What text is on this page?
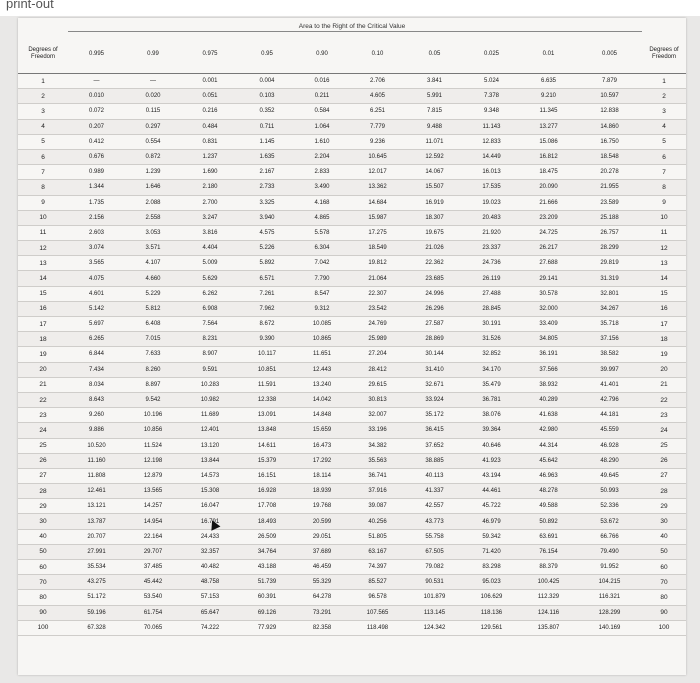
print-out
Area to the Right of the Critical Value
Degrees of Freedom	0.995	0.99	0.975	0.95	0.90	0.10	0.05	0.025	0.01	0.005	Degrees of Freedom
1	—	—	0.001	0.004	0.016	2.706	3.841	5.024	6.635	7.879	1
2	0.010	0.020	0.051	0.103	0.211	4.605	5.991	7.378	9.210	10.597	2
3	0.072	0.115	0.216	0.352	0.584	6.251	7.815	9.348	11.345	12.838	3
4	0.207	0.297	0.484	0.711	1.064	7.779	9.488	11.143	13.277	14.860	4
5	0.412	0.554	0.831	1.145	1.610	9.236	11.071	12.833	15.086	16.750	5
6	0.676	0.872	1.237	1.635	2.204	10.645	12.592	14.449	16.812	18.548	6
7	0.989	1.239	1.690	2.167	2.833	12.017	14.067	16.013	18.475	20.278	7
8	1.344	1.646	2.180	2.733	3.490	13.362	15.507	17.535	20.090	21.955	8
9	1.735	2.088	2.700	3.325	4.168	14.684	16.919	19.023	21.666	23.589	9
10	2.156	2.558	3.247	3.940	4.865	15.987	18.307	20.483	23.209	25.188	10
11	2.603	3.053	3.816	4.575	5.578	17.275	19.675	21.920	24.725	26.757	11
12	3.074	3.571	4.404	5.226	6.304	18.549	21.026	23.337	26.217	28.299	12
13	3.565	4.107	5.009	5.892	7.042	19.812	22.362	24.736	27.688	29.819	13
14	4.075	4.660	5.629	6.571	7.790	21.064	23.685	26.119	29.141	31.319	14
15	4.601	5.229	6.262	7.261	8.547	22.307	24.996	27.488	30.578	32.801	15
16	5.142	5.812	6.908	7.962	9.312	23.542	26.296	28.845	32.000	34.267	16
17	5.697	6.408	7.564	8.672	10.085	24.769	27.587	30.191	33.409	35.718	17
18	6.265	7.015	8.231	9.390	10.865	25.989	28.869	31.526	34.805	37.156	18
19	6.844	7.633	8.907	10.117	11.651	27.204	30.144	32.852	36.191	38.582	19
20	7.434	8.260	9.591	10.851	12.443	28.412	31.410	34.170	37.566	39.997	20
21	8.034	8.897	10.283	11.591	13.240	29.615	32.671	35.479	38.932	41.401	21
22	8.643	9.542	10.982	12.338	14.042	30.813	33.924	36.781	40.289	42.796	22
23	9.260	10.196	11.689	13.091	14.848	32.007	35.172	38.076	41.638	44.181	23
24	9.886	10.856	12.401	13.848	15.659	33.196	36.415	39.364	42.980	45.559	24
25	10.520	11.524	13.120	14.611	16.473	34.382	37.652	40.646	44.314	46.928	25
26	11.160	12.198	13.844	15.379	17.292	35.563	38.885	41.923	45.642	48.290	26
27	11.808	12.879	14.573	16.151	18.114	36.741	40.113	43.194	46.963	49.645	27
28	12.461	13.565	15.308	16.928	18.939	37.916	41.337	44.461	48.278	50.993	28
29	13.121	14.257	16.047	17.708	19.768	39.087	42.557	45.722	49.588	52.336	29
30	13.787	14.954	16.791	18.493	20.599	40.256	43.773	46.979	50.892	53.672	30
40	20.707	22.164	24.433	26.509	29.051	51.805	55.758	59.342	63.691	66.766	40
50	27.991	29.707	32.357	34.764	37.689	63.167	67.505	71.420	76.154	79.490	50
60	35.534	37.485	40.482	43.188	46.459	74.397	79.082	83.298	88.379	91.952	60
70	43.275	45.442	48.758	51.739	55.329	85.527	90.531	95.023	100.425	104.215	70
80	51.172	53.540	57.153	60.391	64.278	96.578	101.879	106.629	112.329	116.321	80
90	59.196	61.754	65.647	69.126	73.291	107.565	113.145	118.136	124.116	128.299	90
100	67.328	70.065	74.222	77.929	82.358	118.498	124.342	129.561	135.807	140.169	100
